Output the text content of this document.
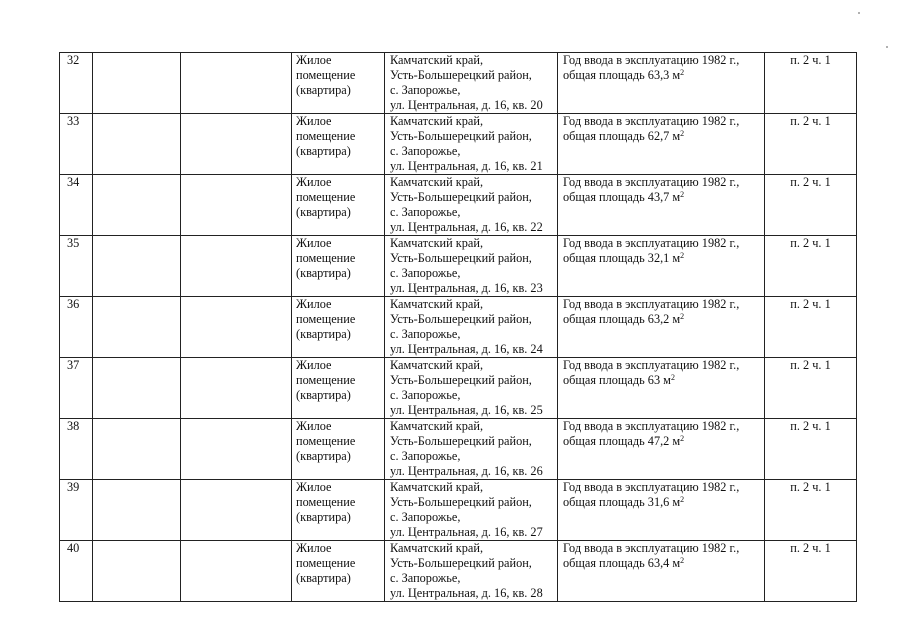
32			Жилое
помещение
(квартира)	Камчатский край,
Усть-Большерецкий район,
с. Запорожье,
ул. Центральная, д. 16, кв. 20	Год ввода в эксплуатацию 1982 г.,
общая площадь 63,3 $м^2$	п. 2 ч. 1

33			Жилое
помещение
(квартира)	Камчатский край,
Усть-Большерецкий район,
с. Запорожье,
ул. Центральная, д. 16, кв. 21	Год ввода в эксплуатацию 1982 г.,
общая площадь 62,7 $м^2$	п. 2 ч. 1

34			Жилое
помещение
(квартира)	Камчатский край,
Усть-Большерецкий район,
с. Запорожье,
ул. Центральная, д. 16, кв. 22	Год ввода в эксплуатацию 1982 г.,
общая площадь 43,7 $м^2$	п. 2 ч. 1

35			Жилое
помещение
(квартира)	Камчатский край,
Усть-Большерецкий район,
с. Запорожье,
ул. Центральная, д. 16, кв. 23	Год ввода в эксплуатацию 1982 г.,
общая площадь 32,1 $м^2$	п. 2 ч. 1

36			Жилое
помещение
(квартира)	Камчатский край,
Усть-Большерецкий район,
с. Запорожье,
ул. Центральная, д. 16, кв. 24	Год ввода в эксплуатацию 1982 г.,
общая площадь 63,2 $м^2$	п. 2 ч. 1

37			Жилое
помещение
(квартира)	Камчатский край,
Усть-Большерецкий район,
с. Запорожье,
ул. Центральная, д. 16, кв. 25	Год ввода в эксплуатацию 1982 г.,
общая площадь 63 $м^2$	п. 2 ч. 1

38			Жилое
помещение
(квартира)	Камчатский край,
Усть-Большерецкий район,
с. Запорожье,
ул. Центральная, д. 16, кв. 26	Год ввода в эксплуатацию 1982 г.,
общая площадь 47,2 $м^2$	п. 2 ч. 1

39			Жилое
помещение
(квартира)	Камчатский край,
Усть-Большерецкий район,
с. Запорожье,
ул. Центральная, д. 16, кв. 27	Год ввода в эксплуатацию 1982 г.,
общая площадь 31,6 $м^2$	п. 2 ч. 1

40			Жилое
помещение
(квартира)	Камчатский край,
Усть-Большерецкий район,
с. Запорожье,
ул. Центральная, д. 16, кв. 28	Год ввода в эксплуатацию 1982 г.,
общая площадь 63,4 $м^2$	п. 2 ч. 1
